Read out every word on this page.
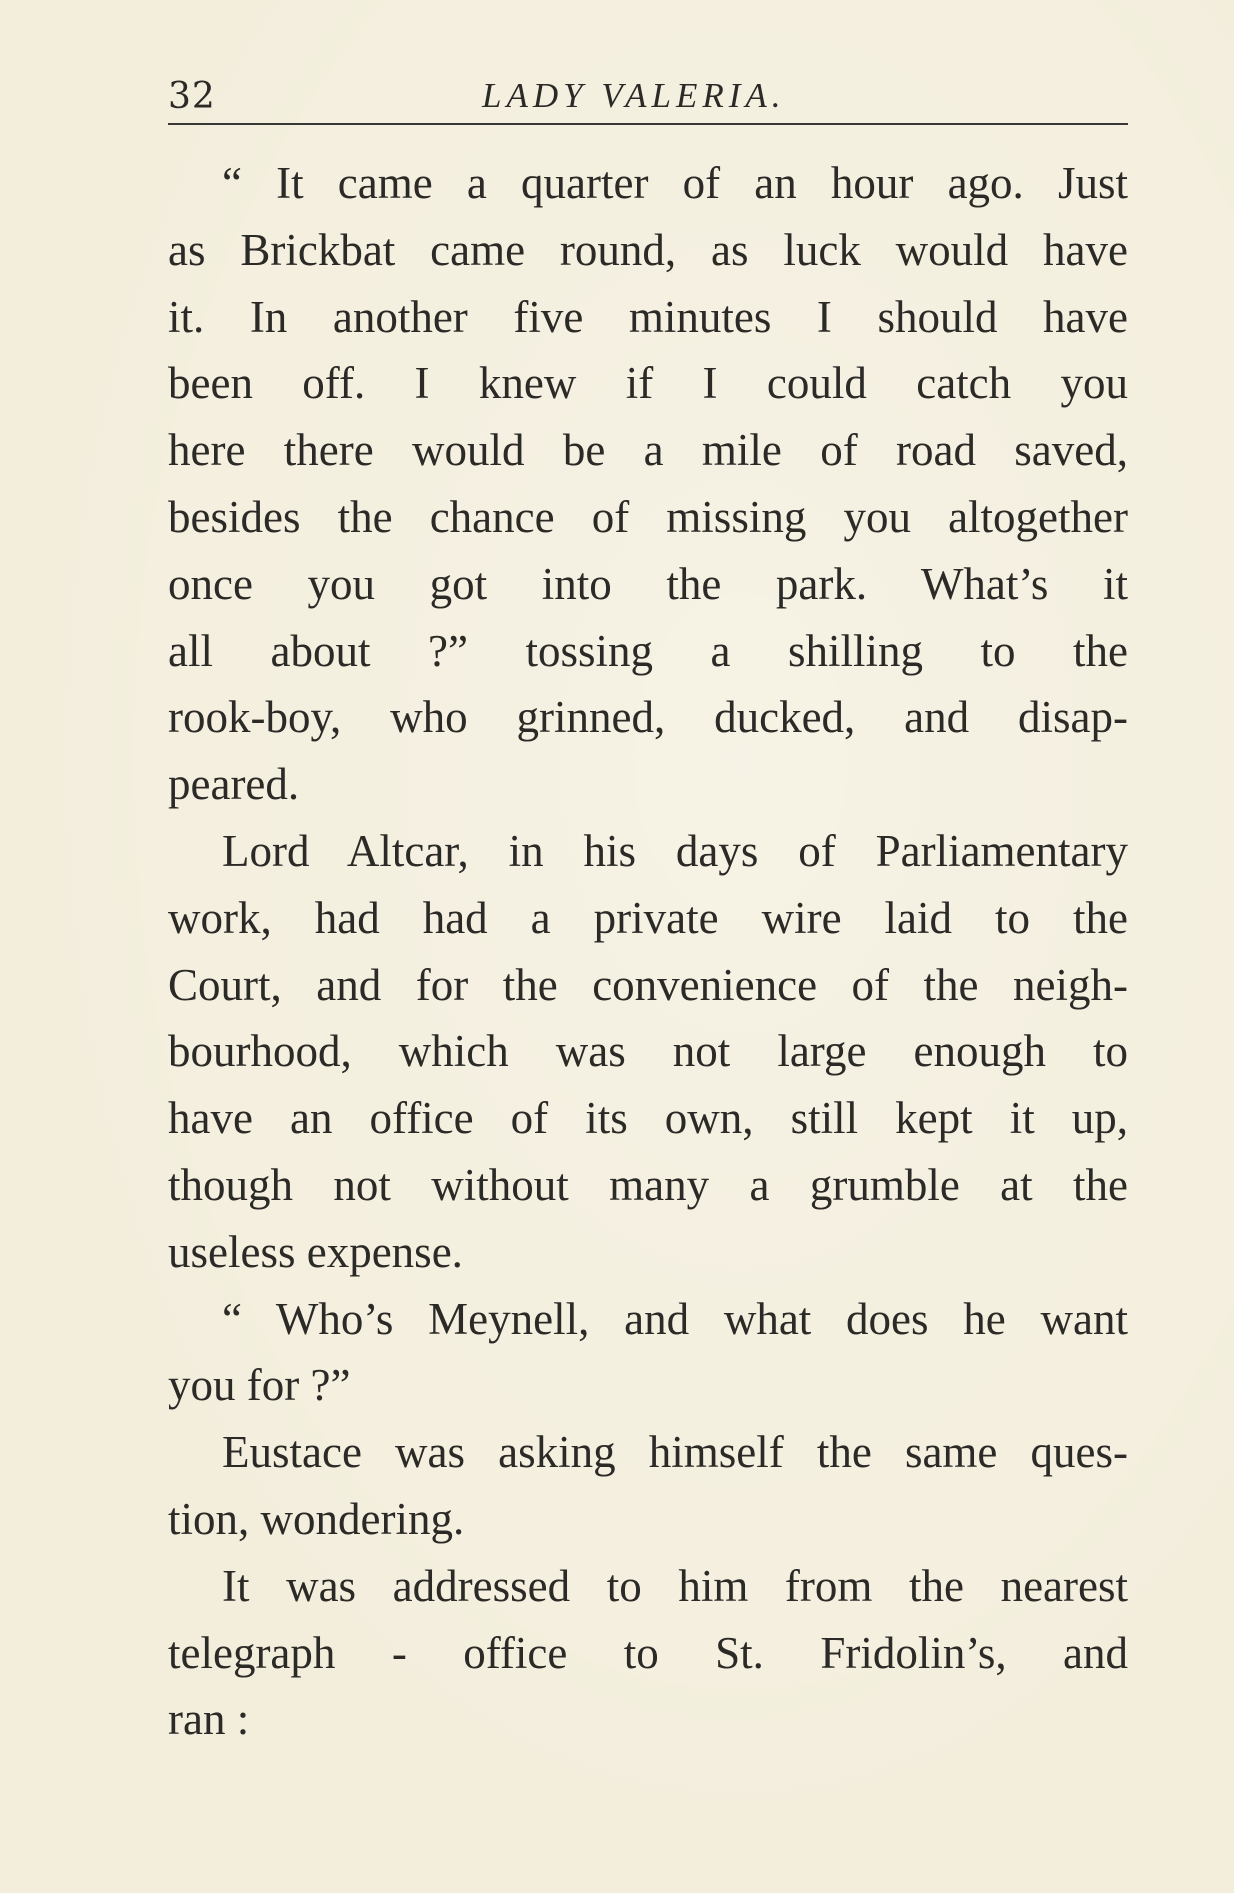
32	LADY VALERIA.
“ It came a quarter of an hour ago. Just
as Brickbat came round, as luck would have
it. In another five minutes I should have
been off. I knew if I could catch you
here there would be a mile of road saved,
besides the chance of missing you altogether
once you got into the park. What’s it
all about ?” tossing a shilling to the
rook-boy, who grinned, ducked, and disap-
peared.
Lord Altcar, in his days of Parliamentary
work, had had a private wire laid to the
Court, and for the convenience of the neigh-
bourhood, which was not large enough to
have an office of its own, still kept it up,
though not without many a grumble at the
useless expense.
“ Who’s Meynell, and what does he want
you for ?”
Eustace was asking himself the same ques-
tion, wondering.
It was addressed to him from the nearest
telegraph - office to St. Fridolin’s, and
ran :
